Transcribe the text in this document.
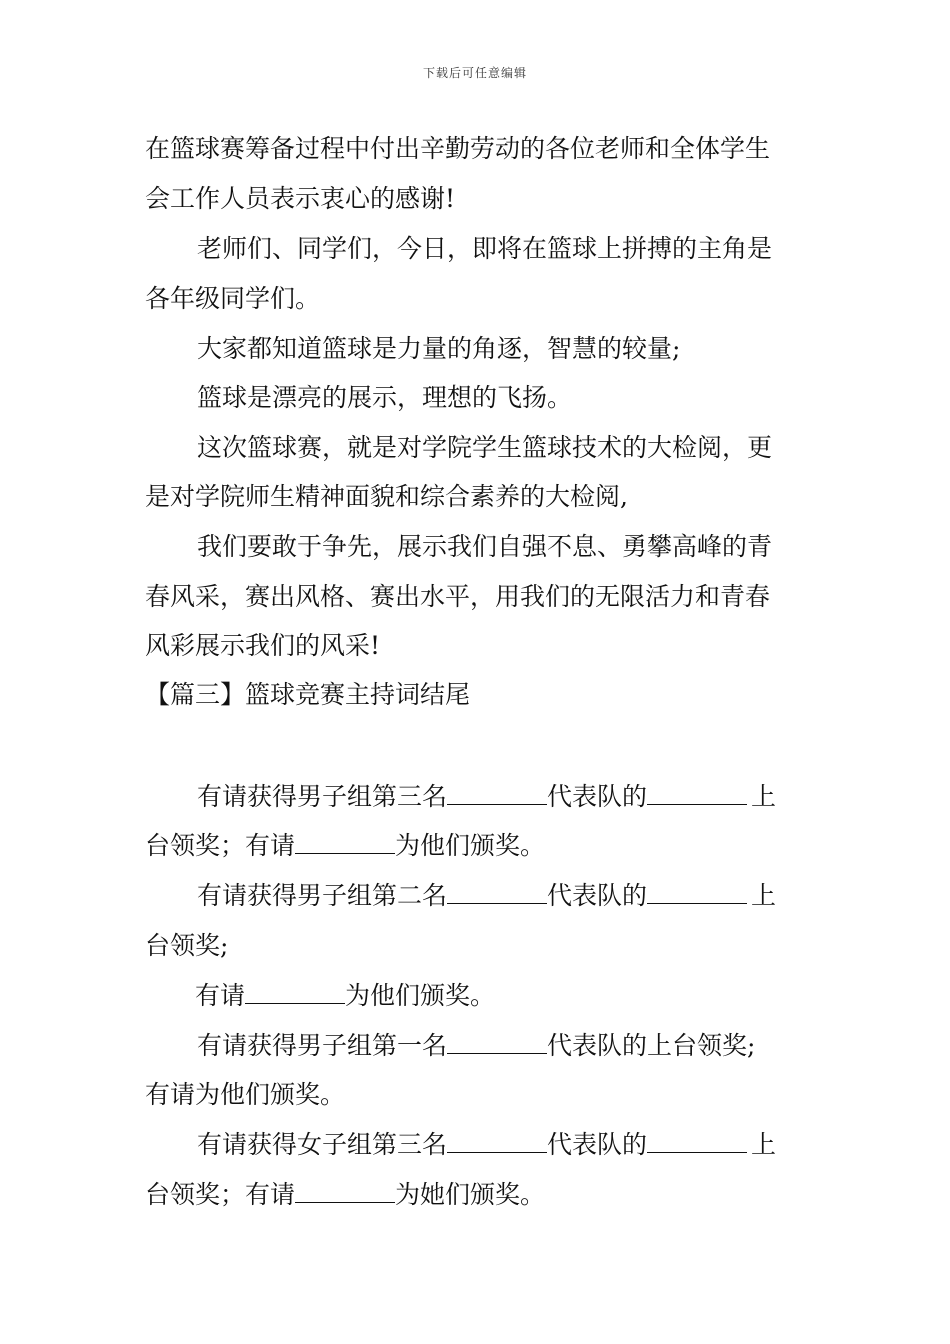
下载后可任意编辑
在篮球赛筹备过程中付出辛勤劳动的各位老师和全体学生
会工作人员表示衷心的感谢!
老师们、同学们，今日，即将在篮球上拼搏的主角是
各年级同学们。
大家都知道篮球是力量的角逐，智慧的较量;
篮球是漂亮的展示，理想的飞扬。
这次篮球赛，就是对学院学生篮球技术的大检阅，更
是对学院师生精神面貌和综合素养的大检阅,
我们要敢于争先，展示我们自强不息、勇攀高峰的青
春风采，赛出风格、赛出水平，用我们的无限活力和青春
风彩展示我们的风采!
【篇三】篮球竞赛主持词结尾
有请获得男子组第三名	代表队的	上
台领奖；有请	为他们颁奖。
有请获得男子组第二名	代表队的	上
台领奖;
有请	为他们颁奖。
有请获得男子组第一名	代表队的上台领奖;
有请为他们颁奖。
有请获得女子组第三名	代表队的	上
台领奖；有请	为她们颁奖。
